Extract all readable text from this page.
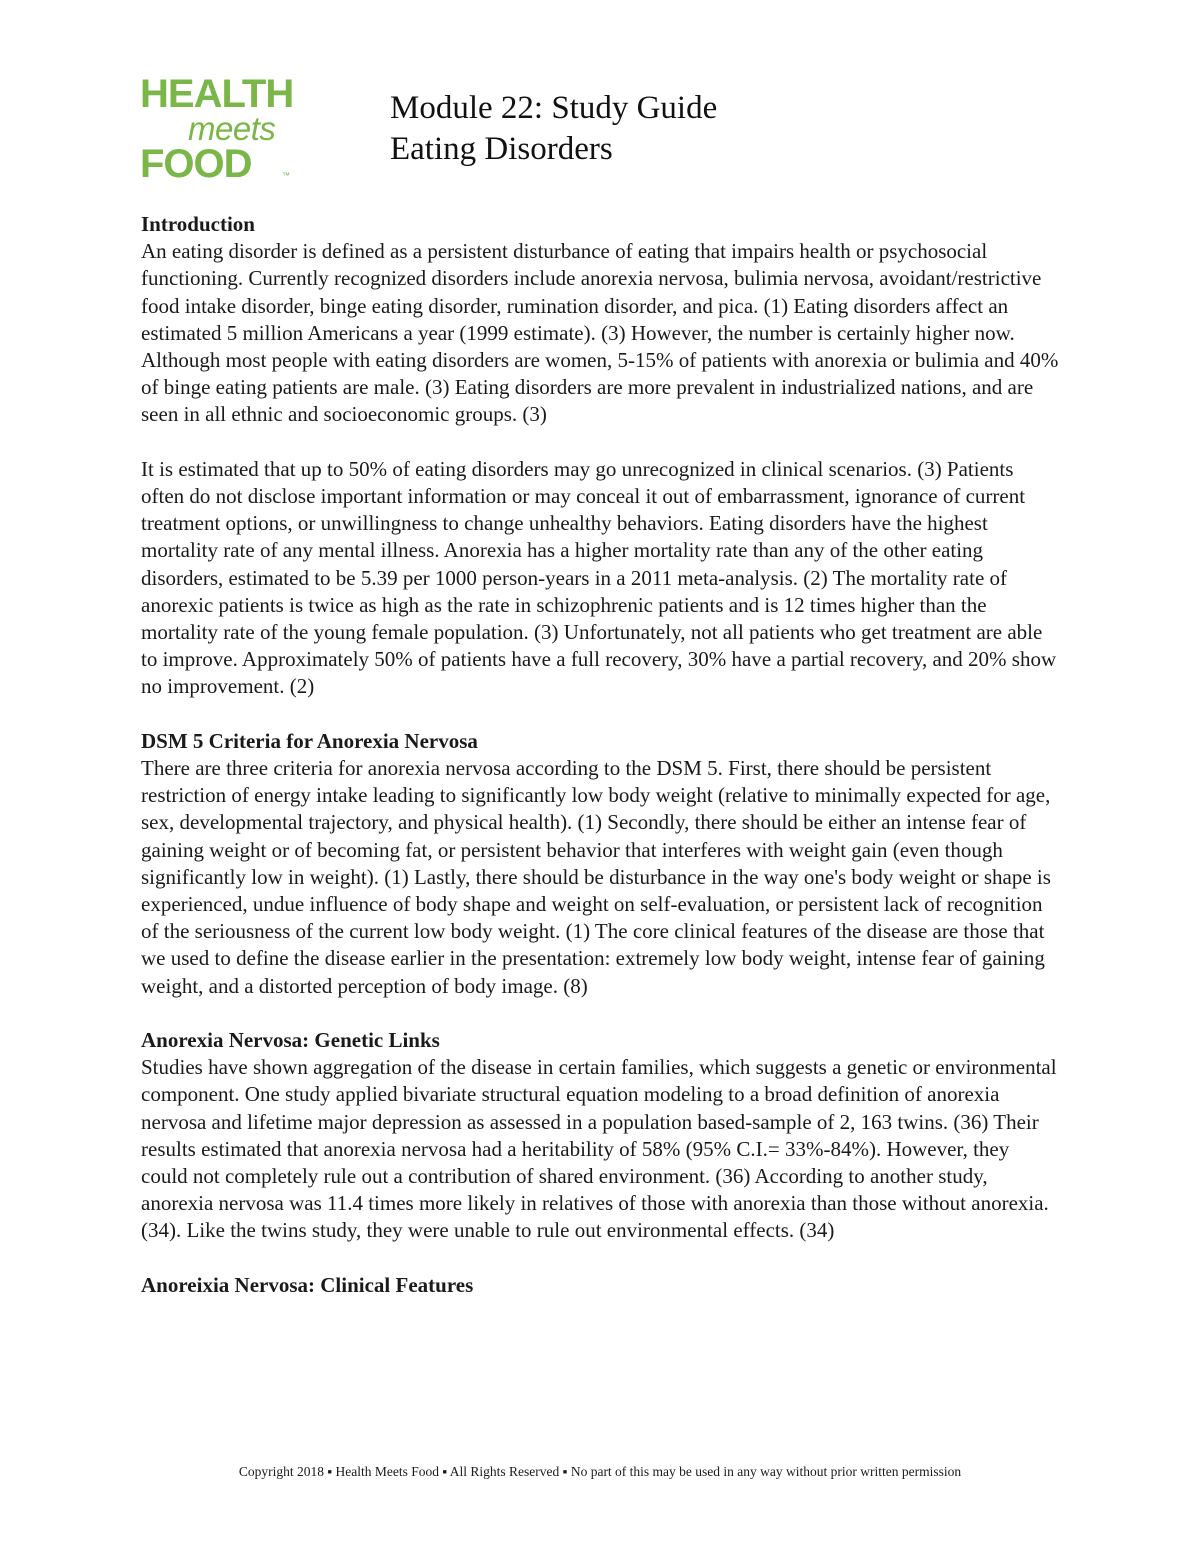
HEALTH
meets
FOOD	™
Module 22: Study Guide
Eating Disorders
Introduction

An eating disorder is defined as a persistent disturbance of eating that impairs health or psychosocial functioning. Currently recognized disorders include anorexia nervosa, bulimia nervosa, avoidant/restrictive food intake disorder, binge eating disorder, rumination disorder, and pica. (1) Eating disorders affect an estimated 5 million Americans a year (1999 estimate). (3) However, the number is certainly higher now. Although most people with eating disorders are women, 5-15% of patients with anorexia or bulimia and 40% of binge eating patients are male. (3) Eating disorders are more prevalent in industrialized nations, and are seen in all ethnic and socioeconomic groups. (3)

It is estimated that up to 50% of eating disorders may go unrecognized in clinical scenarios. (3) Patients often do not disclose important information or may conceal it out of embarrassment, ignorance of current treatment options, or unwillingness to change unhealthy behaviors. Eating disorders have the highest mortality rate of any mental illness. Anorexia has a higher mortality rate than any of the other eating disorders, estimated to be 5.39 per 1000 person-years in a 2011 meta-analysis. (2) The mortality rate of anorexic patients is twice as high as the rate in schizophrenic patients and is 12 times higher than the mortality rate of the young female population. (3) Unfortunately, not all patients who get treatment are able to improve. Approximately 50% of patients have a full recovery, 30% have a partial recovery, and 20% show no improvement. (2)

DSM 5 Criteria for Anorexia Nervosa

There are three criteria for anorexia nervosa according to the DSM 5. First, there should be persistent restriction of energy intake leading to significantly low body weight (relative to minimally expected for age, sex, developmental trajectory, and physical health). (1) Secondly, there should be either an intense fear of gaining weight or of becoming fat, or persistent behavior that interferes with weight gain (even though significantly low in weight). (1) Lastly, there should be disturbance in the way one's body weight or shape is experienced, undue influence of body shape and weight on self-evaluation, or persistent lack of recognition of the seriousness of the current low body weight. (1) The core clinical features of the disease are those that we used to define the disease earlier in the presentation: extremely low body weight, intense fear of gaining weight, and a distorted perception of body image. (8)

Anorexia Nervosa: Genetic Links

Studies have shown aggregation of the disease in certain families, which suggests a genetic or environmental component. One study applied bivariate structural equation modeling to a broad definition of anorexia nervosa and lifetime major depression as assessed in a population based-sample of 2, 163 twins. (36) Their results estimated that anorexia nervosa had a heritability of 58% (95% C.I.= 33%-84%). However, they could not completely rule out a contribution of shared environment. (36) According to another study, anorexia nervosa was 11.4 times more likely in relatives of those with anorexia than those without anorexia. (34). Like the twins study, they were unable to rule out environmental effects. (34)

Anoreixia Nervosa: Clinical Features
Copyright 2018 ▪ Health Meets Food ▪ All Rights Reserved ▪ No part of this may be used in any way without prior written permission
